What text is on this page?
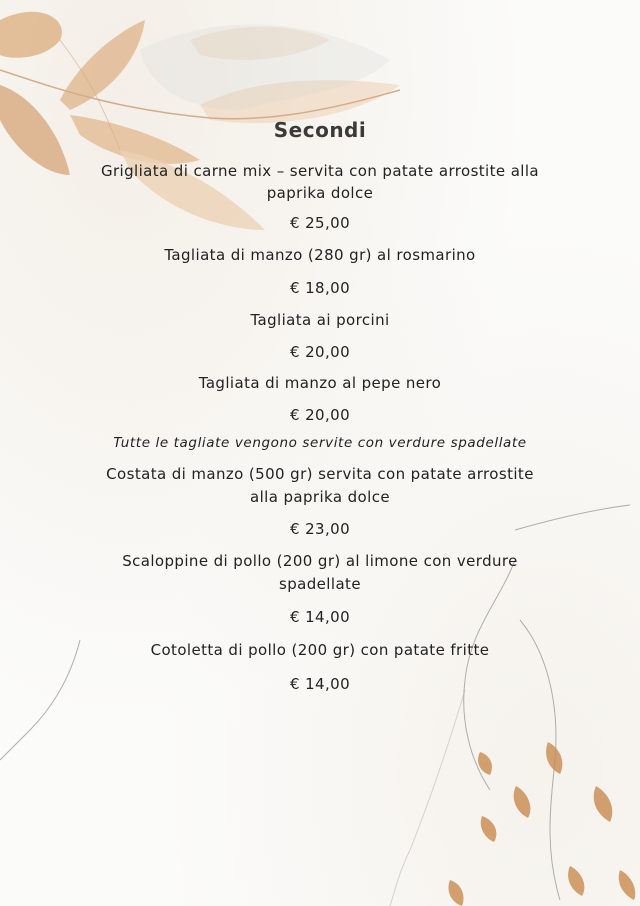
Secondi
Grigliata di carne mix – servita con patate arrostite alla
paprika dolce
€ 25,00
Tagliata di manzo (280 gr) al rosmarino
€ 18,00
Tagliata ai porcini
€ 20,00
Tagliata di manzo al pepe nero
€ 20,00
Tutte le tagliate vengono servite con verdure spadellate
Costata di manzo (500 gr) servita con patate arrostite
alla paprika dolce
€ 23,00
Scaloppine di pollo (200 gr) al limone con verdure
spadellate
€ 14,00
Cotoletta di pollo (200 gr) con patate fritte
€ 14,00
